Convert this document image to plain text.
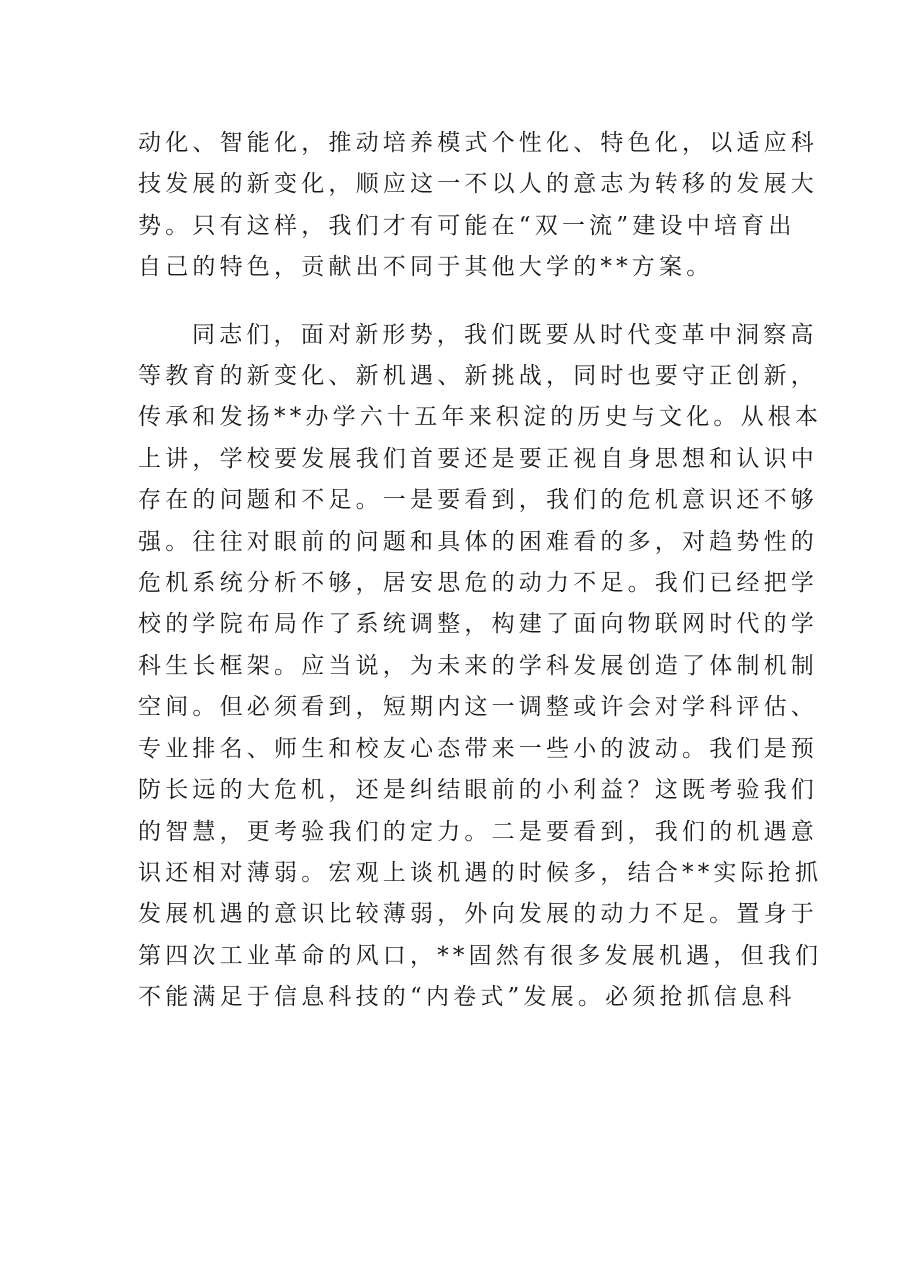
动化、智能化，推动培养模式个性化、特色化，以适应科
技发展的新变化，顺应这一不以人的意志为转移的发展大
势。只有这样，我们才有可能在“双一流”建设中培育出
自己的特色，贡献出不同于其他大学的**方案。

同志们，面对新形势，我们既要从时代变革中洞察高
等教育的新变化、新机遇、新挑战，同时也要守正创新，
传承和发扬**办学六十五年来积淀的历史与文化。从根本
上讲，学校要发展我们首要还是要正视自身思想和认识中
存在的问题和不足。一是要看到，我们的危机意识还不够
强。往往对眼前的问题和具体的困难看的多，对趋势性的
危机系统分析不够，居安思危的动力不足。我们已经把学
校的学院布局作了系统调整，构建了面向物联网时代的学
科生长框架。应当说，为未来的学科发展创造了体制机制
空间。但必须看到，短期内这一调整或许会对学科评估、
专业排名、师生和校友心态带来一些小的波动。我们是预
防长远的大危机，还是纠结眼前的小利益？这既考验我们
的智慧，更考验我们的定力。二是要看到，我们的机遇意
识还相对薄弱。宏观上谈机遇的时候多，结合**实际抢抓
发展机遇的意识比较薄弱，外向发展的动力不足。置身于
第四次工业革命的风口，**固然有很多发展机遇，但我们
不能满足于信息科技的“内卷式”发展。必须抢抓信息科
